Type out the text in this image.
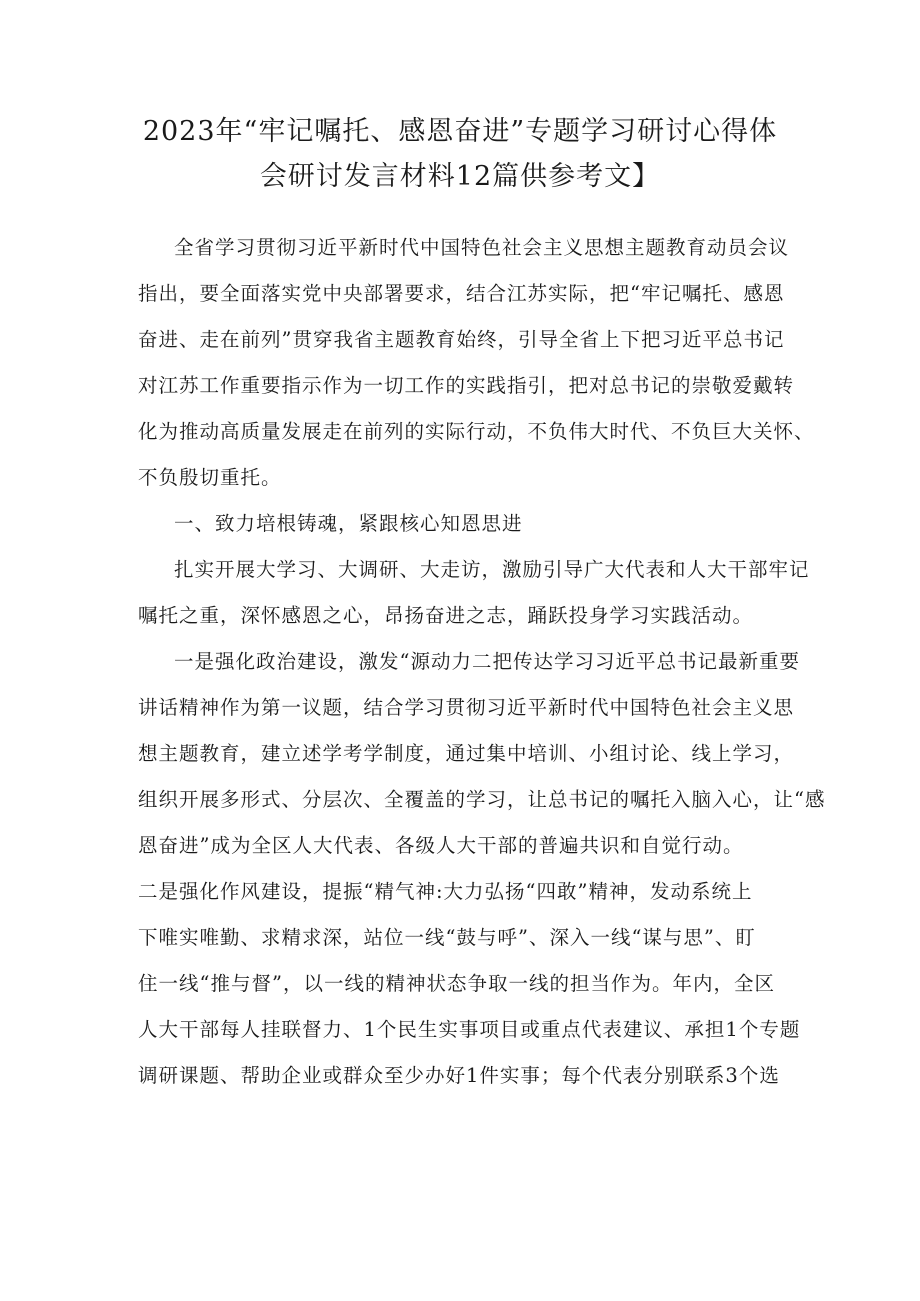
2023年“牢记嘱托、感恩奋进”专题学习研讨心得体
会研讨发言材料12篇供参考文】

全省学习贯彻习近平新时代中国特色社会主义思想主题教育动员会议

指出，要全面落实党中央部署要求，结合江苏实际，把“牢记嘱托、感恩

奋进、走在前列”贯穿我省主题教育始终，引导全省上下把习近平总书记

对江苏工作重要指示作为一切工作的实践指引，把对总书记的崇敬爱戴转

化为推动高质量发展走在前列的实际行动，不负伟大时代、不负巨大关怀、

不负殷切重托。

一、致力培根铸魂，紧跟核心知恩思进

扎实开展大学习、大调研、大走访，激励引导广大代表和人大干部牢记

嘱托之重，深怀感恩之心，昂扬奋进之志，踊跃投身学习实践活动。

一是强化政治建设，激发“源动力二把传达学习习近平总书记最新重要

讲话精神作为第一议题，结合学习贯彻习近平新时代中国特色社会主义思

想主题教育，建立述学考学制度，通过集中培训、小组讨论、线上学习，

组织开展多形式、分层次、全覆盖的学习，让总书记的嘱托入脑入心，让“感

恩奋进”成为全区人大代表、各级人大干部的普遍共识和自觉行动。

二是强化作风建设，提振“精气神:大力弘扬“四敢”精神，发动系统上

下唯实唯勤、求精求深，站位一线“鼓与呼”、深入一线“谋与思”、盯

住一线“推与督”，以一线的精神状态争取一线的担当作为。年内，全区

人大干部每人挂联督力、1个民生实事项目或重点代表建议、承担1个专题

调研课题、帮助企业或群众至少办好1件实事；每个代表分别联系3个选
